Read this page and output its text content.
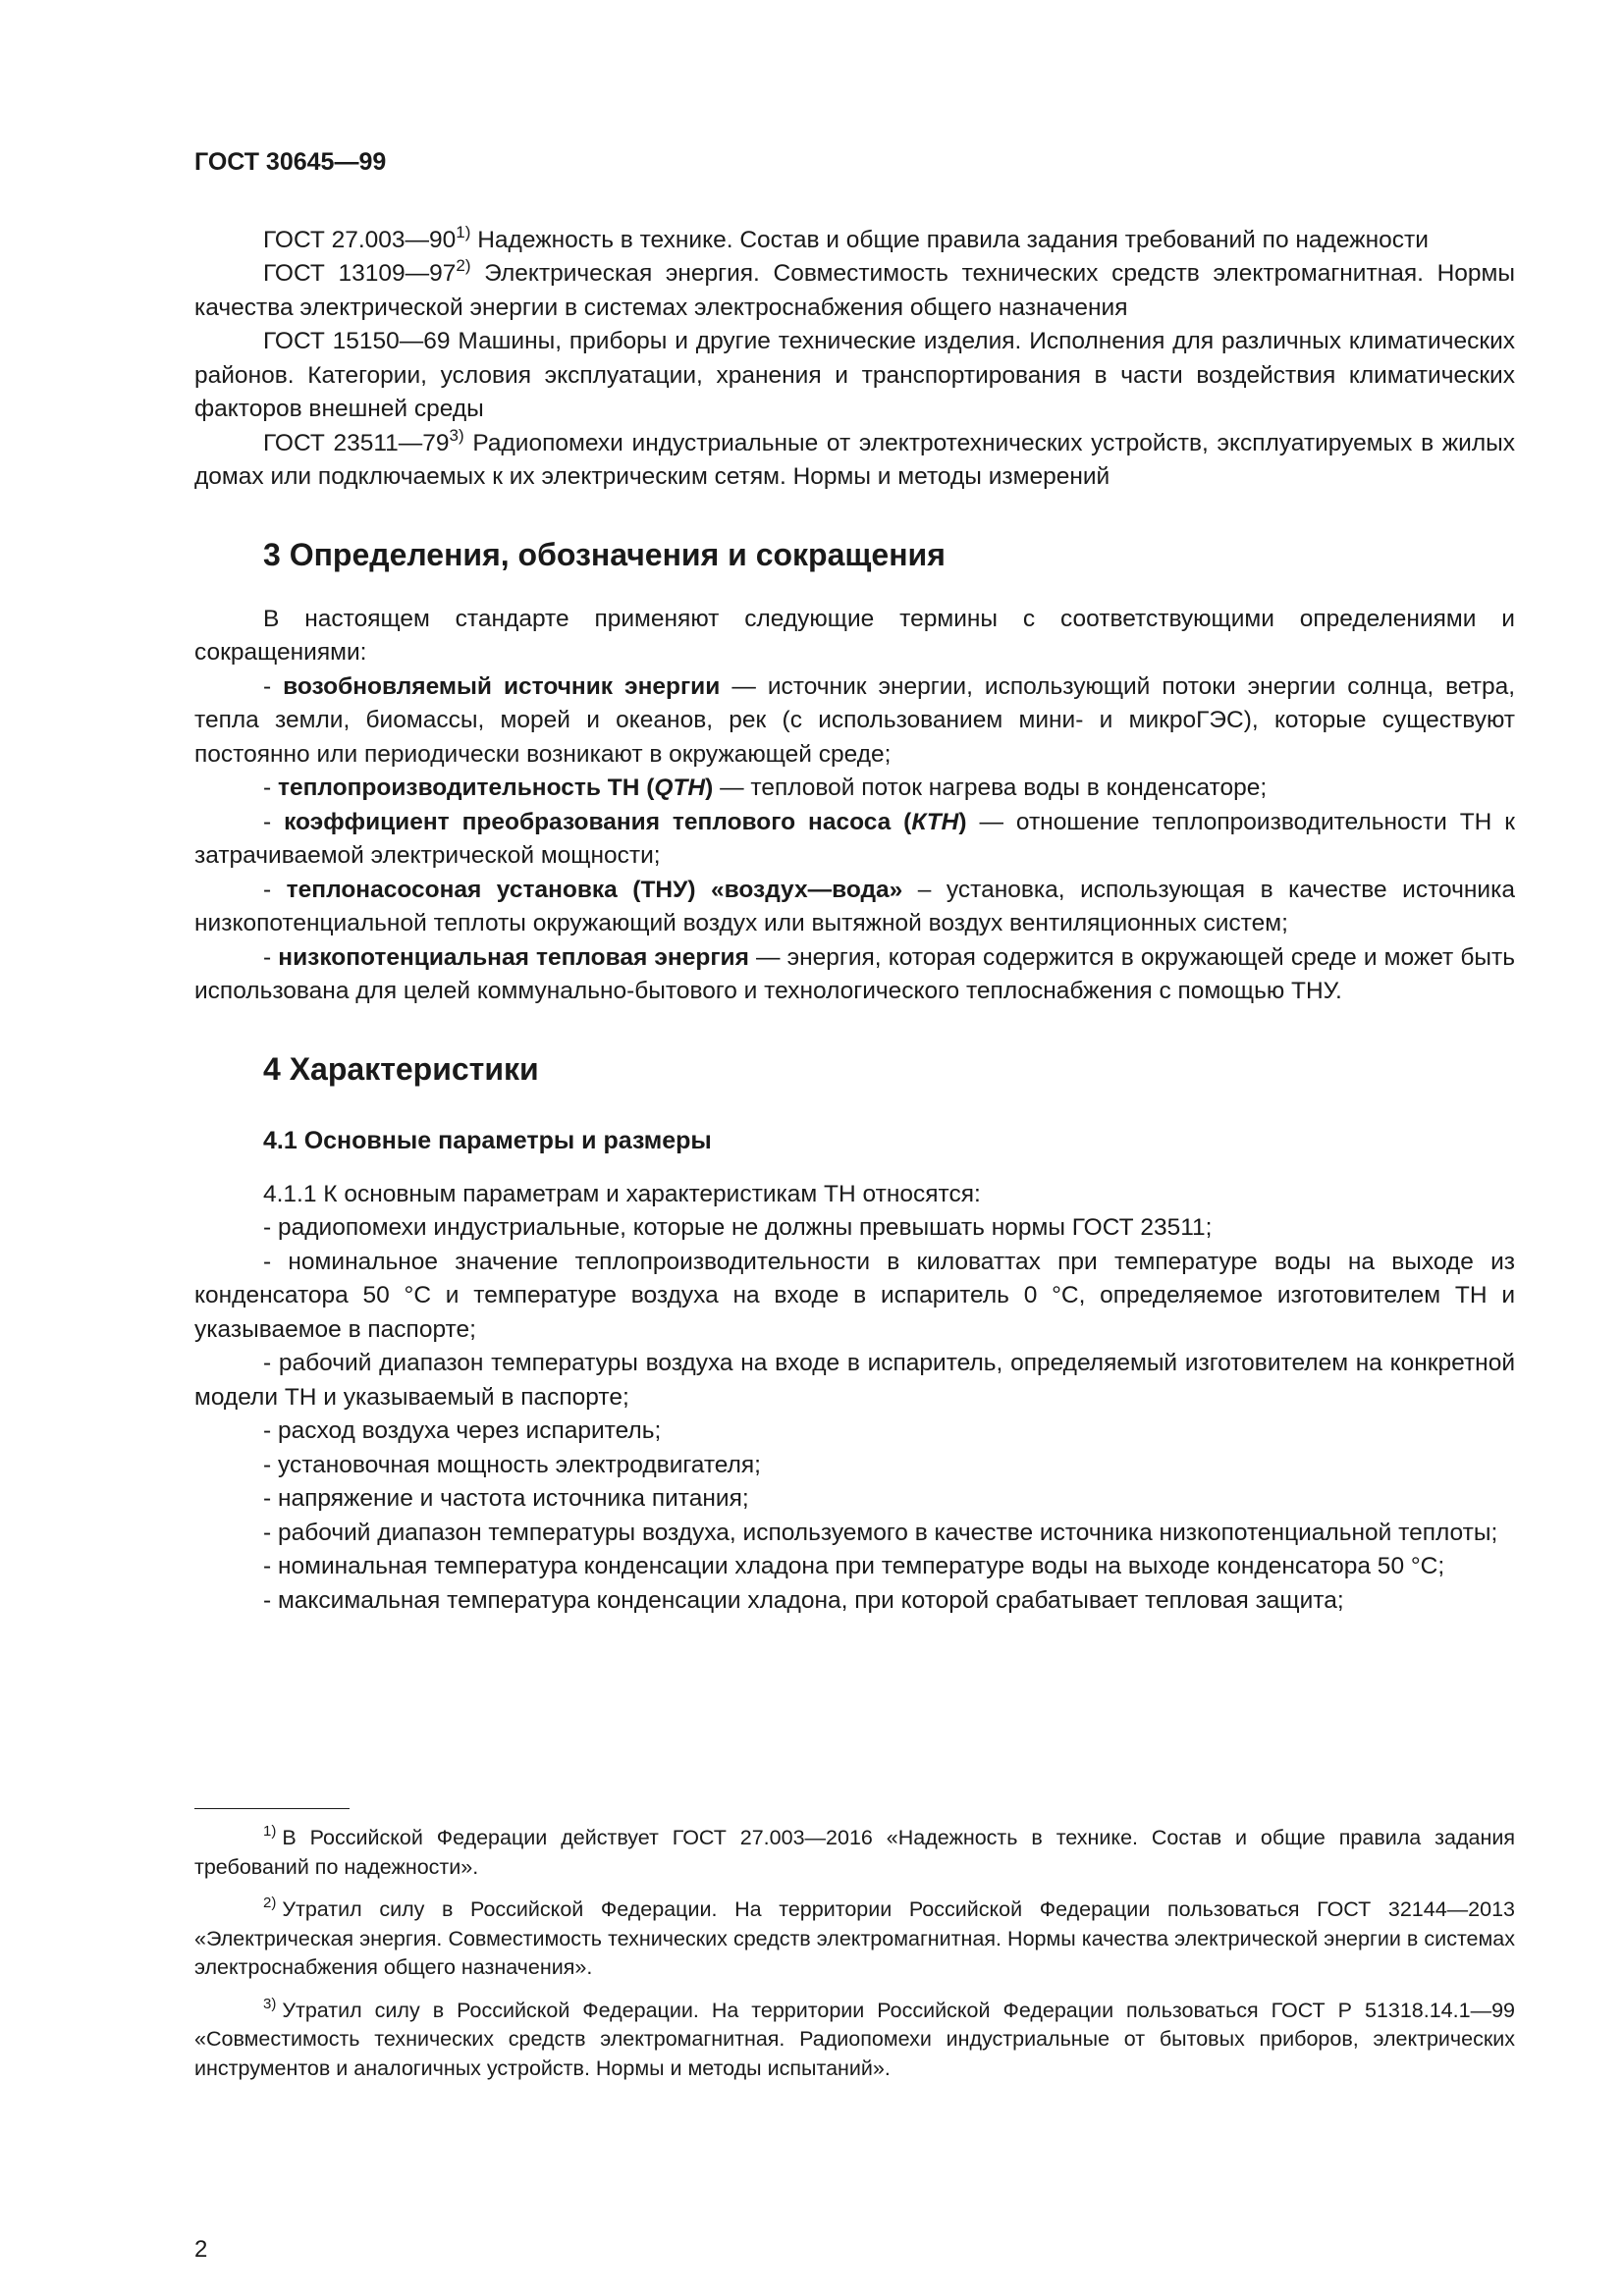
ГОСТ 30645—99

ГОСТ 27.003—90$^{1)}$ Надежность в технике. Состав и общие правила задания требований по надежности

ГОСТ 13109—97$^{2)}$ Электрическая энергия. Совместимость технических средств электромагнитная. Нормы качества электрической энергии в системах электроснабжения общего назначения

ГОСТ 15150—69 Машины, приборы и другие технические изделия. Исполнения для различных климатических районов. Категории, условия эксплуатации, хранения и транспортирования в части воздействия климатических факторов внешней среды

ГОСТ 23511—79$^{3)}$ Радиопомехи индустриальные от электротехнических устройств, эксплуатируемых в жилых домах или подключаемых к их электрическим сетям. Нормы и методы измерений

3 Определения, обозначения и сокращения

В настоящем стандарте применяют следующие термины с соответствующими определениями и сокращениями:

- возобновляемый источник энергии — источник энергии, использующий потоки энергии солнца, ветра, тепла земли, биомассы, морей и океанов, рек (с использованием мини- и микроГЭС), которые существуют постоянно или периодически возникают в окружающей среде;

- теплопроизводительность ТН (QТН) — тепловой поток нагрева воды в конденсаторе;

- коэффициент преобразования теплового насоса (КТН) — отношение теплопроизводительности ТН к затрачиваемой электрической мощности;

- теплонасосоная установка (ТНУ) «воздух—вода» – установка, использующая в качестве источника низкопотенциальной теплоты окружающий воздух или вытяжной воздух вентиляционных систем;

- низкопотенциальная тепловая энергия — энергия, которая содержится в окружающей среде и может быть использована для целей коммунально-бытового и технологического теплоснабжения с помощью ТНУ.

4 Характеристики
4.1 Основные параметры и размеры

4.1.1 К основным параметрам и характеристикам ТН относятся:

- радиопомехи индустриальные, которые не должны превышать нормы ГОСТ 23511;

- номинальное значение теплопроизводительности в киловаттах при температуре воды на выходе из конденсатора 50 °С и температуре воздуха на входе в испаритель 0 °С, определяемое изготовителем ТН и указываемое в паспорте;

- рабочий диапазон температуры воздуха на входе в испаритель, определяемый изготовителем на конкретной модели ТН и указываемый в паспорте;

- расход воздуха через испаритель;

- установочная мощность электродвигателя;

- напряжение и частота источника питания;

- рабочий диапазон температуры воздуха, используемого в качестве источника низкопотенциальной теплоты;

- номинальная температура конденсации хладона при температуре воды на выходе конденсатора 50 °С;

- максимальная температура конденсации хладона, при которой срабатывает тепловая защита;

$^{1)}$ В Российской Федерации действует ГОСТ 27.003—2016 «Надежность в технике. Состав и общие правила задания требований по надежности».

$^{2)}$ Утратил силу в Российской Федерации. На территории Российской Федерации пользоваться ГОСТ 32144—2013 «Электрическая энергия. Совместимость технических средств электромагнитная. Нормы качества электрической энергии в системах электроснабжения общего назначения».

$^{3)}$ Утратил силу в Российской Федерации. На территории Российской Федерации пользоваться ГОСТ Р 51318.14.1—99 «Совместимость технических средств электромагнитная. Радиопомехи индустриальные от бытовых приборов, электрических инструментов и аналогичных устройств. Нормы и методы испытаний».

2
